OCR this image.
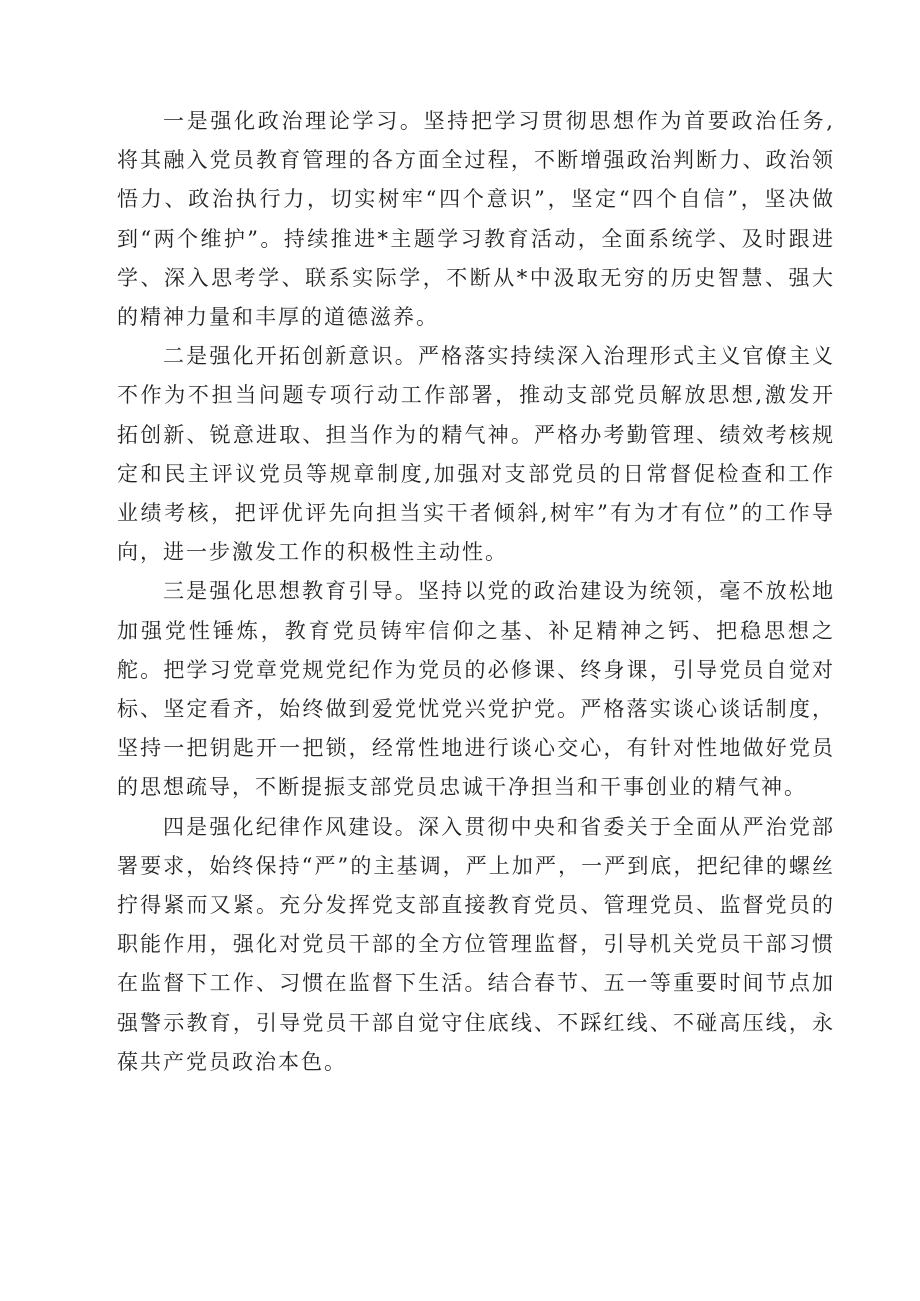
一是强化政治理论学习。坚持把学习贯彻思想作为首要政治任务,将其融入党员教育管理的各方面全过程，不断增强政治判断力、政治领悟力、政治执行力，切实树牢“四个意识”，坚定“四个自信”，坚决做到“两个维护”。持续推进*主题学习教育活动，全面系统学、及时跟进学、深入思考学、联系实际学，不断从*中汲取无穷的历史智慧、强大的精神力量和丰厚的道德滋养。

二是强化开拓创新意识。严格落实持续深入治理形式主义官僚主义不作为不担当问题专项行动工作部署，推动支部党员解放思想,激发开拓创新、锐意进取、担当作为的精气神。严格办考勤管理、绩效考核规定和民主评议党员等规章制度,加强对支部党员的日常督促检查和工作业绩考核，把评优评先向担当实干者倾斜,树牢”有为才有位”的工作导向，进一步激发工作的积极性主动性。

三是强化思想教育引导。坚持以党的政治建设为统领，毫不放松地加强党性锤炼，教育党员铸牢信仰之基、补足精神之钙、把稳思想之舵。把学习党章党规党纪作为党员的必修课、终身课，引导党员自觉对标、坚定看齐，始终做到爱党忧党兴党护党。严格落实谈心谈话制度，坚持一把钥匙开一把锁，经常性地进行谈心交心，有针对性地做好党员的思想疏导，不断提振支部党员忠诚干净担当和干事创业的精气神。

四是强化纪律作风建设。深入贯彻中央和省委关于全面从严治党部署要求，始终保持“严”的主基调，严上加严，一严到底，把纪律的螺丝拧得紧而又紧。充分发挥党支部直接教育党员、管理党员、监督党员的职能作用，强化对党员干部的全方位管理监督，引导机关党员干部习惯在监督下工作、习惯在监督下生活。结合春节、五一等重要时间节点加强警示教育，引导党员干部自觉守住底线、不踩红线、不碰高压线，永葆共产党员政治本色。
